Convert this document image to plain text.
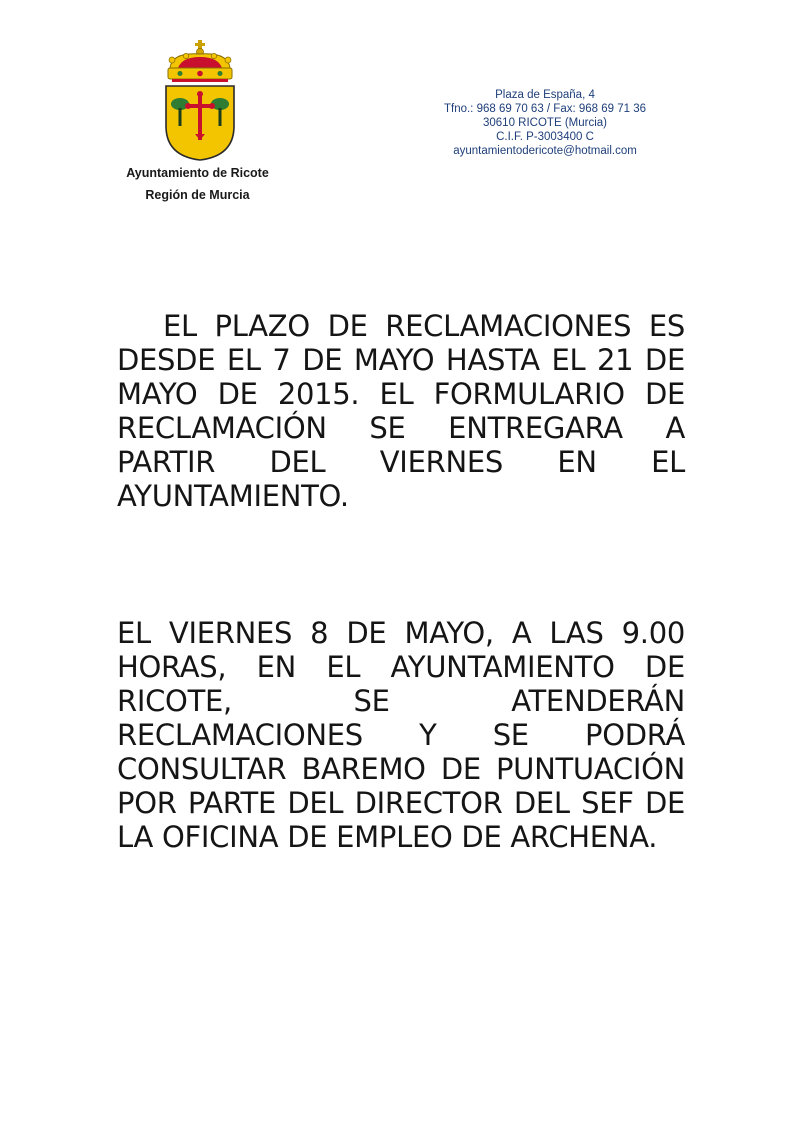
Ayuntamiento de Ricote
Región de Murcia
Plaza de España, 4
Tfno.: 968 69 70 63 / Fax: 968 69 71 36
30610 RICOTE (Murcia)
C.I.F. P-3003400 C
ayuntamientodericote@hotmail.com

EL PLAZO DE RECLAMACIONES ES DESDE EL 7 DE MAYO HASTA EL 21 DE MAYO DE 2015. EL FORMULARIO DE RECLAMACIÓN SE ENTREGARA A PARTIR DEL VIERNES EN EL AYUNTAMIENTO.

EL VIERNES 8 DE MAYO, A LAS 9.00 HORAS, EN EL AYUNTAMIENTO DE RICOTE, SE ATENDERÁN RECLAMACIONES Y SE PODRÁ CONSULTAR BAREMO DE PUNTUACIÓN POR PARTE DEL DIRECTOR DEL SEF DE LA OFICINA DE EMPLEO DE ARCHENA.
